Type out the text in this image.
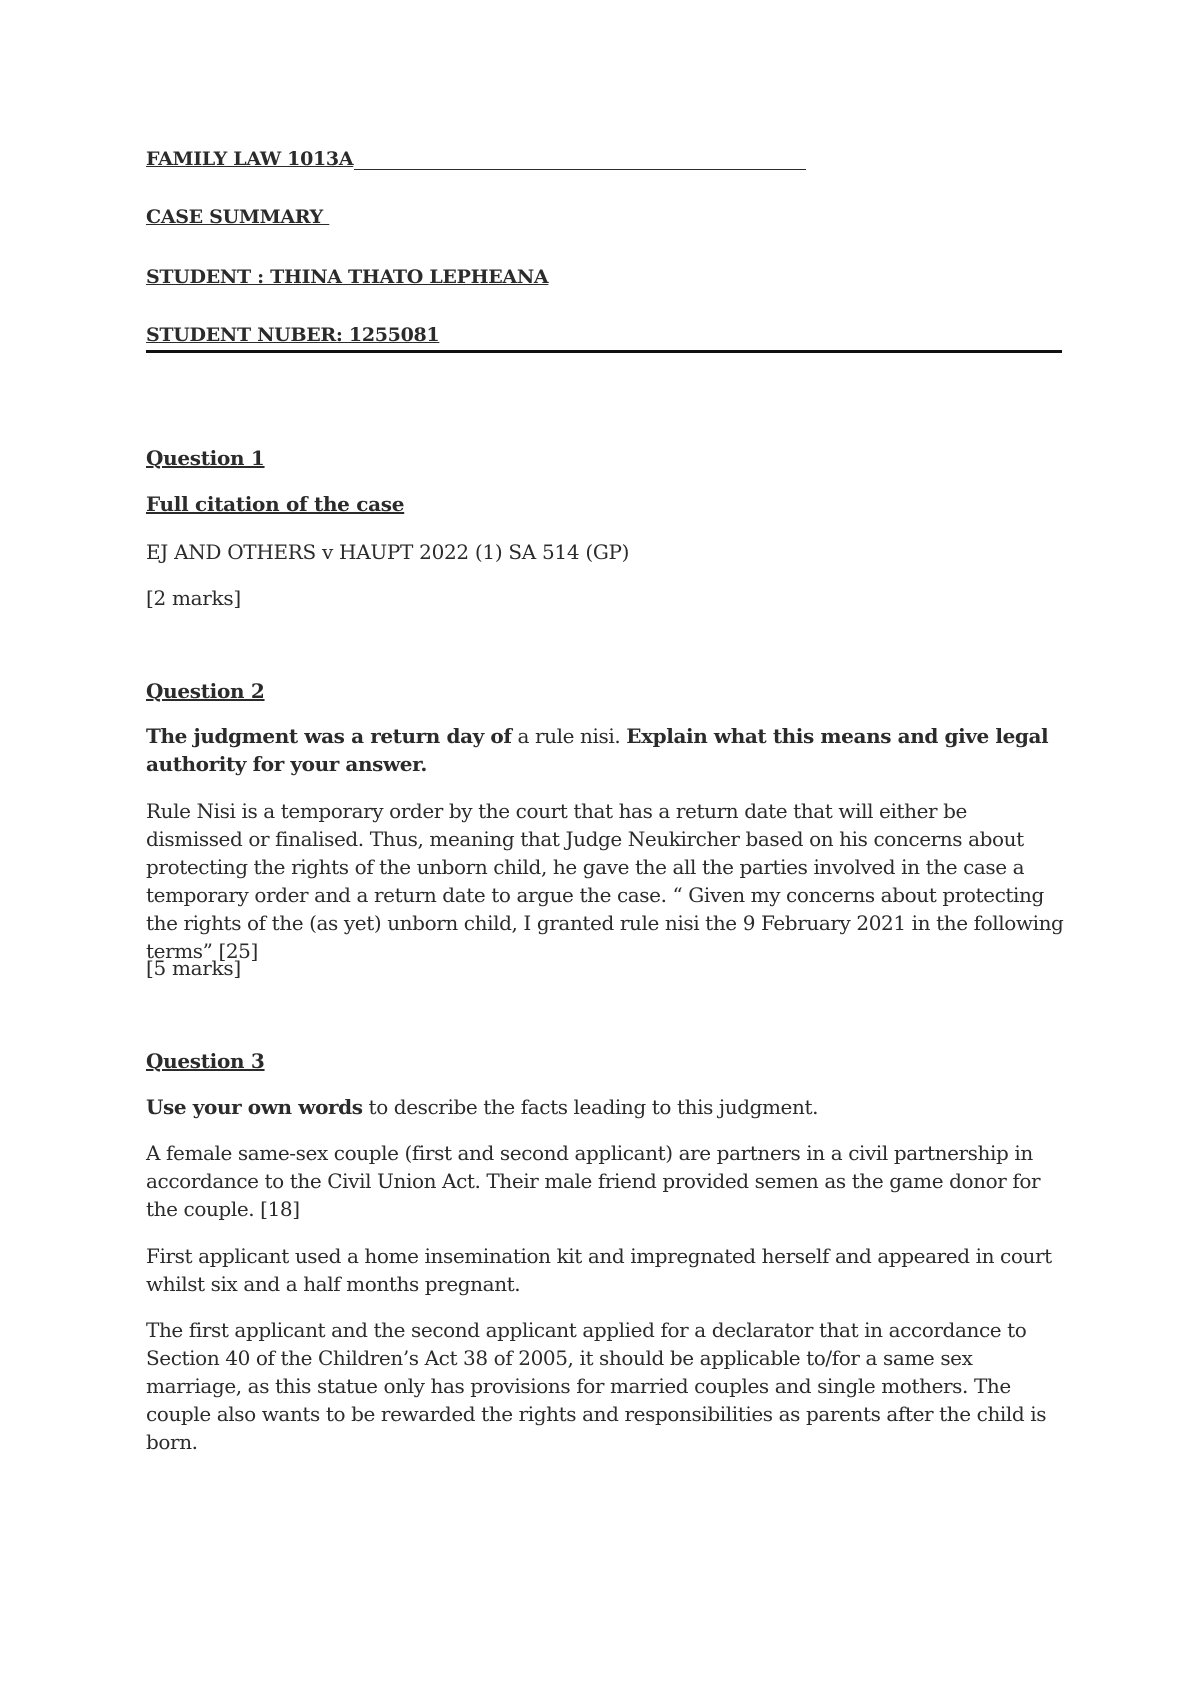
FAMILY LAW 1013A
CASE SUMMARY
STUDENT : THINA THATO LEPHEANA
STUDENT NUBER: 1255081
Question 1
Full citation of the case
EJ AND OTHERS v HAUPT 2022 (1) SA 514 (GP)
[2 marks]
Question 2
The judgment was a return day of a rule nisi. Explain what this means and give legal authority for your answer.
Rule Nisi is a temporary order by the court that has a return date that will either be dismissed or finalised. Thus, meaning that Judge Neukircher based on his concerns about protecting the rights of the unborn child, he gave the all the parties involved in the case a temporary order and a return date to argue the case. “ Given my concerns about protecting the rights of the (as yet) unborn child, I granted rule nisi the 9 February 2021 in the following terms” [25]
[5 marks]
Question 3
Use your own words to describe the facts leading to this judgment.
A female same-sex couple (first and second applicant) are partners in a civil partnership in accordance to the Civil Union Act. Their male friend provided semen as the game donor for the couple. [18]
First applicant used a home insemination kit and impregnated herself and appeared in court whilst six and a half months pregnant.
The first applicant and the second applicant applied for a declarator that in accordance to Section 40 of the Children’s Act 38 of 2005, it should be applicable to/for a same sex marriage, as this statue only has provisions for married couples and single mothers. The couple also wants to be rewarded the rights and responsibilities as parents after the child is born.
